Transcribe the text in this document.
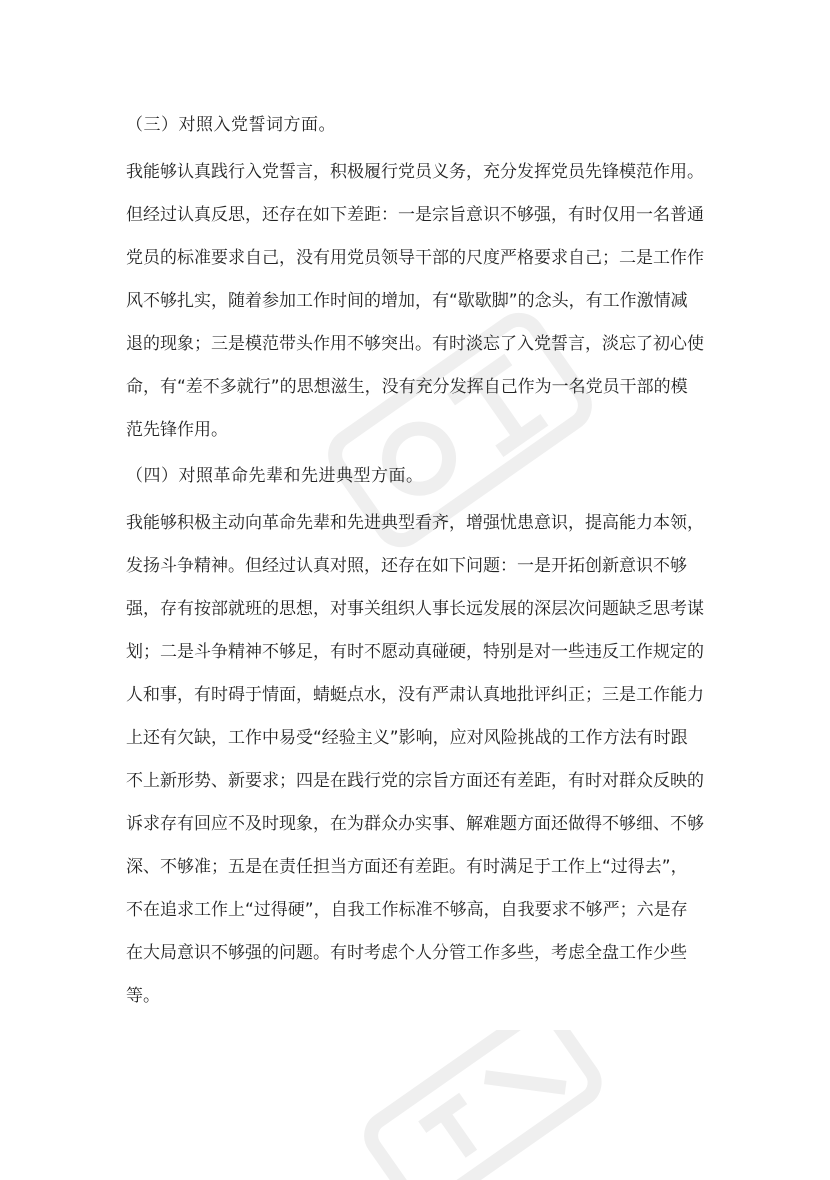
（三）对照入党誓词方面。

我能够认真践行入党誓言，积极履行党员义务，充分发挥党员先锋模范作用。
但经过认真反思，还存在如下差距：一是宗旨意识不够强，有时仅用一名普通
党员的标准要求自己，没有用党员领导干部的尺度严格要求自己；二是工作作
风不够扎实，随着参加工作时间的增加，有“歇歇脚”的念头，有工作激情减
退的现象；三是模范带头作用不够突出。有时淡忘了入党誓言，淡忘了初心使
命，有“差不多就行”的思想滋生，没有充分发挥自己作为一名党员干部的模
范先锋作用。

（四）对照革命先辈和先进典型方面。

我能够积极主动向革命先辈和先进典型看齐，增强忧患意识，提高能力本领，
发扬斗争精神。但经过认真对照，还存在如下问题：一是开拓创新意识不够
强，存有按部就班的思想，对事关组织人事长远发展的深层次问题缺乏思考谋
划；二是斗争精神不够足，有时不愿动真碰硬，特别是对一些违反工作规定的
人和事，有时碍于情面，蜻蜓点水，没有严肃认真地批评纠正；三是工作能力
上还有欠缺，工作中易受“经验主义”影响，应对风险挑战的工作方法有时跟
不上新形势、新要求；四是在践行党的宗旨方面还有差距，有时对群众反映的
诉求存有回应不及时现象，在为群众办实事、解难题方面还做得不够细、不够
深、不够准；五是在责任担当方面还有差距。有时满足于工作上“过得去”，
不在追求工作上“过得硬”，自我工作标准不够高，自我要求不够严；六是存
在大局意识不够强的问题。有时考虑个人分管工作多些，考虑全盘工作少些
等。
